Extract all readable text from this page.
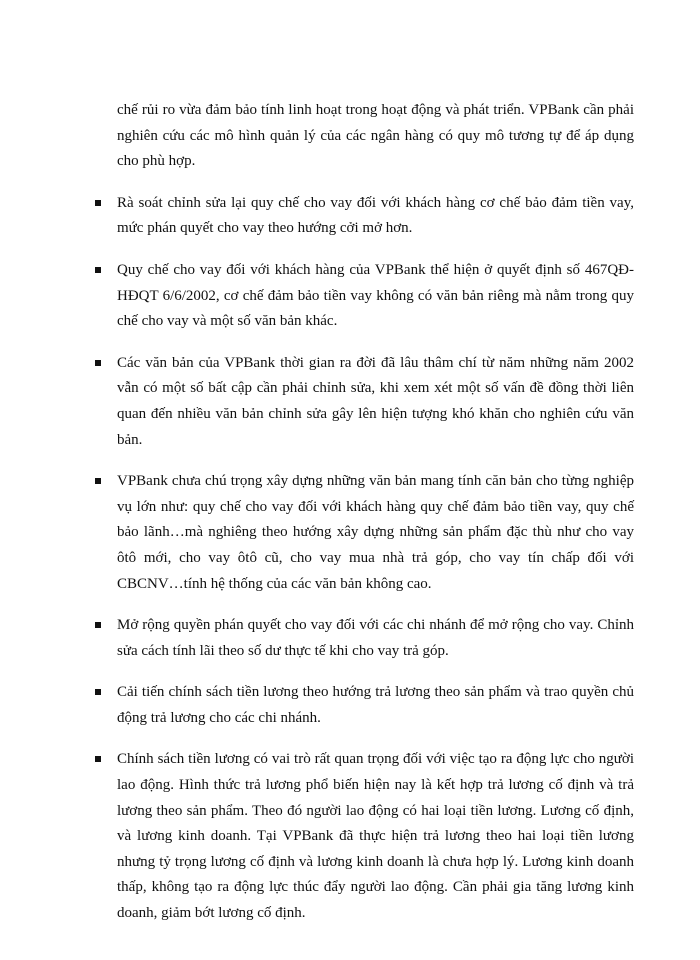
chế rủi ro vừa đảm bảo tính linh hoạt trong hoạt động và phát triển. VPBank cần phải nghiên cứu các mô hình quản lý của các ngân hàng có quy mô tương tự để áp dụng cho phù hợp.

Rà soát chỉnh sửa lại quy chế cho vay đối với khách hàng cơ chế bảo đảm tiền vay, mức phán quyết cho vay theo hướng cởi mở hơn.

Quy chế cho vay đối với khách hàng của VPBank thể hiện ở quyết định số 467QĐ-HĐQT 6/6/2002, cơ chế đảm bảo tiền vay không có văn bản riêng mà nằm trong quy chế cho vay và một số văn bản khác.

Các văn bản của VPBank thời gian ra đời đã lâu thâm chí từ năm những năm 2002 vẫn có một số bất cập cần phải chỉnh sửa, khi xem xét một số vấn đề đồng thời liên quan đến nhiều văn bản chỉnh sửa gây lên hiện tượng khó khăn cho nghiên cứu văn bản.

VPBank chưa chú trọng xây dựng những văn bản mang tính căn bản cho từng nghiệp vụ lớn như: quy chế cho vay đối với khách hàng quy chế đảm bảo tiền vay, quy chế bảo lãnh…mà nghiêng theo hướng xây dựng những sản phẩm đặc thù như cho vay ôtô mới, cho vay ôtô cũ, cho vay mua nhà trả góp, cho vay tín chấp đối với CBCNV…tính hệ thống của các văn bản không cao.

Mở rộng quyền phán quyết cho vay đối với các chi nhánh để mở rộng cho vay. Chỉnh sửa cách tính lãi theo số dư thực tế khi cho vay trả góp.

Cải tiến chính sách tiền lương theo hướng trả lương theo sản phẩm và trao quyền chủ động trả lương cho các chi nhánh.

Chính sách tiền lương có vai trò rất quan trọng đối với việc tạo ra động lực cho người lao động. Hình thức trả lương phổ biến hiện nay là kết hợp trả lương cố định và trả lương theo sản phẩm. Theo đó người lao động có hai loại tiền lương. Lương cố định, và lương kinh doanh. Tại VPBank đã thực hiện trả lương theo hai loại tiền lương nhưng tỷ trọng lương cố định và lương kinh doanh là chưa hợp lý. Lương kinh doanh thấp, không tạo ra động lực thúc đẩy người lao động. Cần phải gia tăng lương kinh doanh, giảm bớt lương cố định.
